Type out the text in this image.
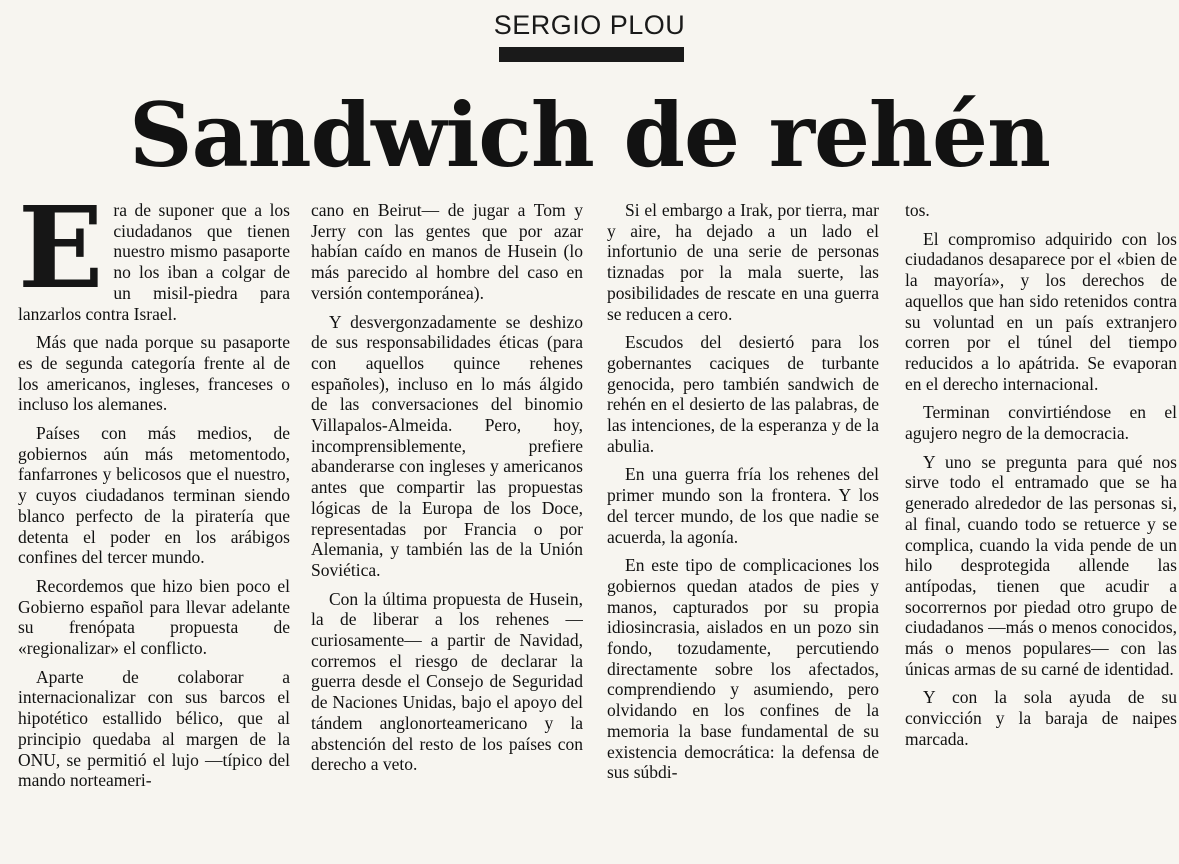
SERGIO PLOU
Sandwich de rehén

Era de suponer que a los ciudadanos que tienen nuestro mismo pasaporte no los iban a colgar de un misil-piedra para lanzarlos contra Israel.

Más que nada porque su pasaporte es de segunda categoría frente al de los americanos, ingleses, franceses o incluso los alemanes.

Países con más medios, de gobiernos aún más metomentodo, fanfarrones y belicosos que el nuestro, y cuyos ciudadanos terminan siendo blanco perfecto de la piratería que detenta el poder en los arábigos confines del tercer mundo.

Recordemos que hizo bien poco el Gobierno español para llevar adelante su frenópata propuesta de «regionalizar» el conflicto.

Aparte de colaborar a internacionalizar con sus barcos el hipotético estallido bélico, que al principio quedaba al margen de la ONU, se permitió el lujo —típico del mando norteameri-

cano en Beirut— de jugar a Tom y Jerry con las gentes que por azar habían caído en manos de Husein (lo más parecido al hombre del caso en versión contemporánea).

Y desvergonzadamente se deshizo de sus responsabilidades éticas (para con aquellos quince rehenes españoles), incluso en lo más álgido de las conversaciones del binomio Villapalos-Almeida. Pero, hoy, incomprensiblemente, prefiere abanderarse con ingleses y americanos antes que compartir las propuestas lógicas de la Europa de los Doce, representadas por Francia o por Alemania, y también las de la Unión Soviética.

Con la última propuesta de Husein, la de liberar a los rehenes —curiosamente— a partir de Navidad, corremos el riesgo de declarar la guerra desde el Consejo de Seguridad de Naciones Unidas, bajo el apoyo del tándem anglonorteamericano y la abstención del resto de los países con derecho a veto.

Si el embargo a Irak, por tierra, mar y aire, ha dejado a un lado el infortunio de una serie de personas tiznadas por la mala suerte, las posibilidades de rescate en una guerra se reducen a cero.

Escudos del desiertó para los gobernantes caciques de turbante genocida, pero también sandwich de rehén en el desierto de las palabras, de las intenciones, de la esperanza y de la abulia.

En una guerra fría los rehenes del primer mundo son la frontera. Y los del tercer mundo, de los que nadie se acuerda, la agonía.

En este tipo de complicaciones los gobiernos quedan atados de pies y manos, capturados por su propia idiosincrasia, aislados en un pozo sin fondo, tozudamente, percutiendo directamente sobre los afectados, comprendiendo y asumiendo, pero olvidando en los confines de la memoria la base fundamental de su existencia democrática: la defensa de sus súbdi-

tos.

El compromiso adquirido con los ciudadanos desaparece por el «bien de la mayoría», y los derechos de aquellos que han sido retenidos contra su voluntad en un país extranjero corren por el túnel del tiempo reducidos a lo apátrida. Se evaporan en el derecho internacional.

Terminan convirtiéndose en el agujero negro de la democracia.

Y uno se pregunta para qué nos sirve todo el entramado que se ha generado alrededor de las personas si, al final, cuando todo se retuerce y se complica, cuando la vida pende de un hilo desprotegida allende las antípodas, tienen que acudir a socorrernos por piedad otro grupo de ciudadanos —más o menos conocidos, más o menos populares— con las únicas armas de su carné de identidad.

Y con la sola ayuda de su convicción y la baraja de naipes marcada.
